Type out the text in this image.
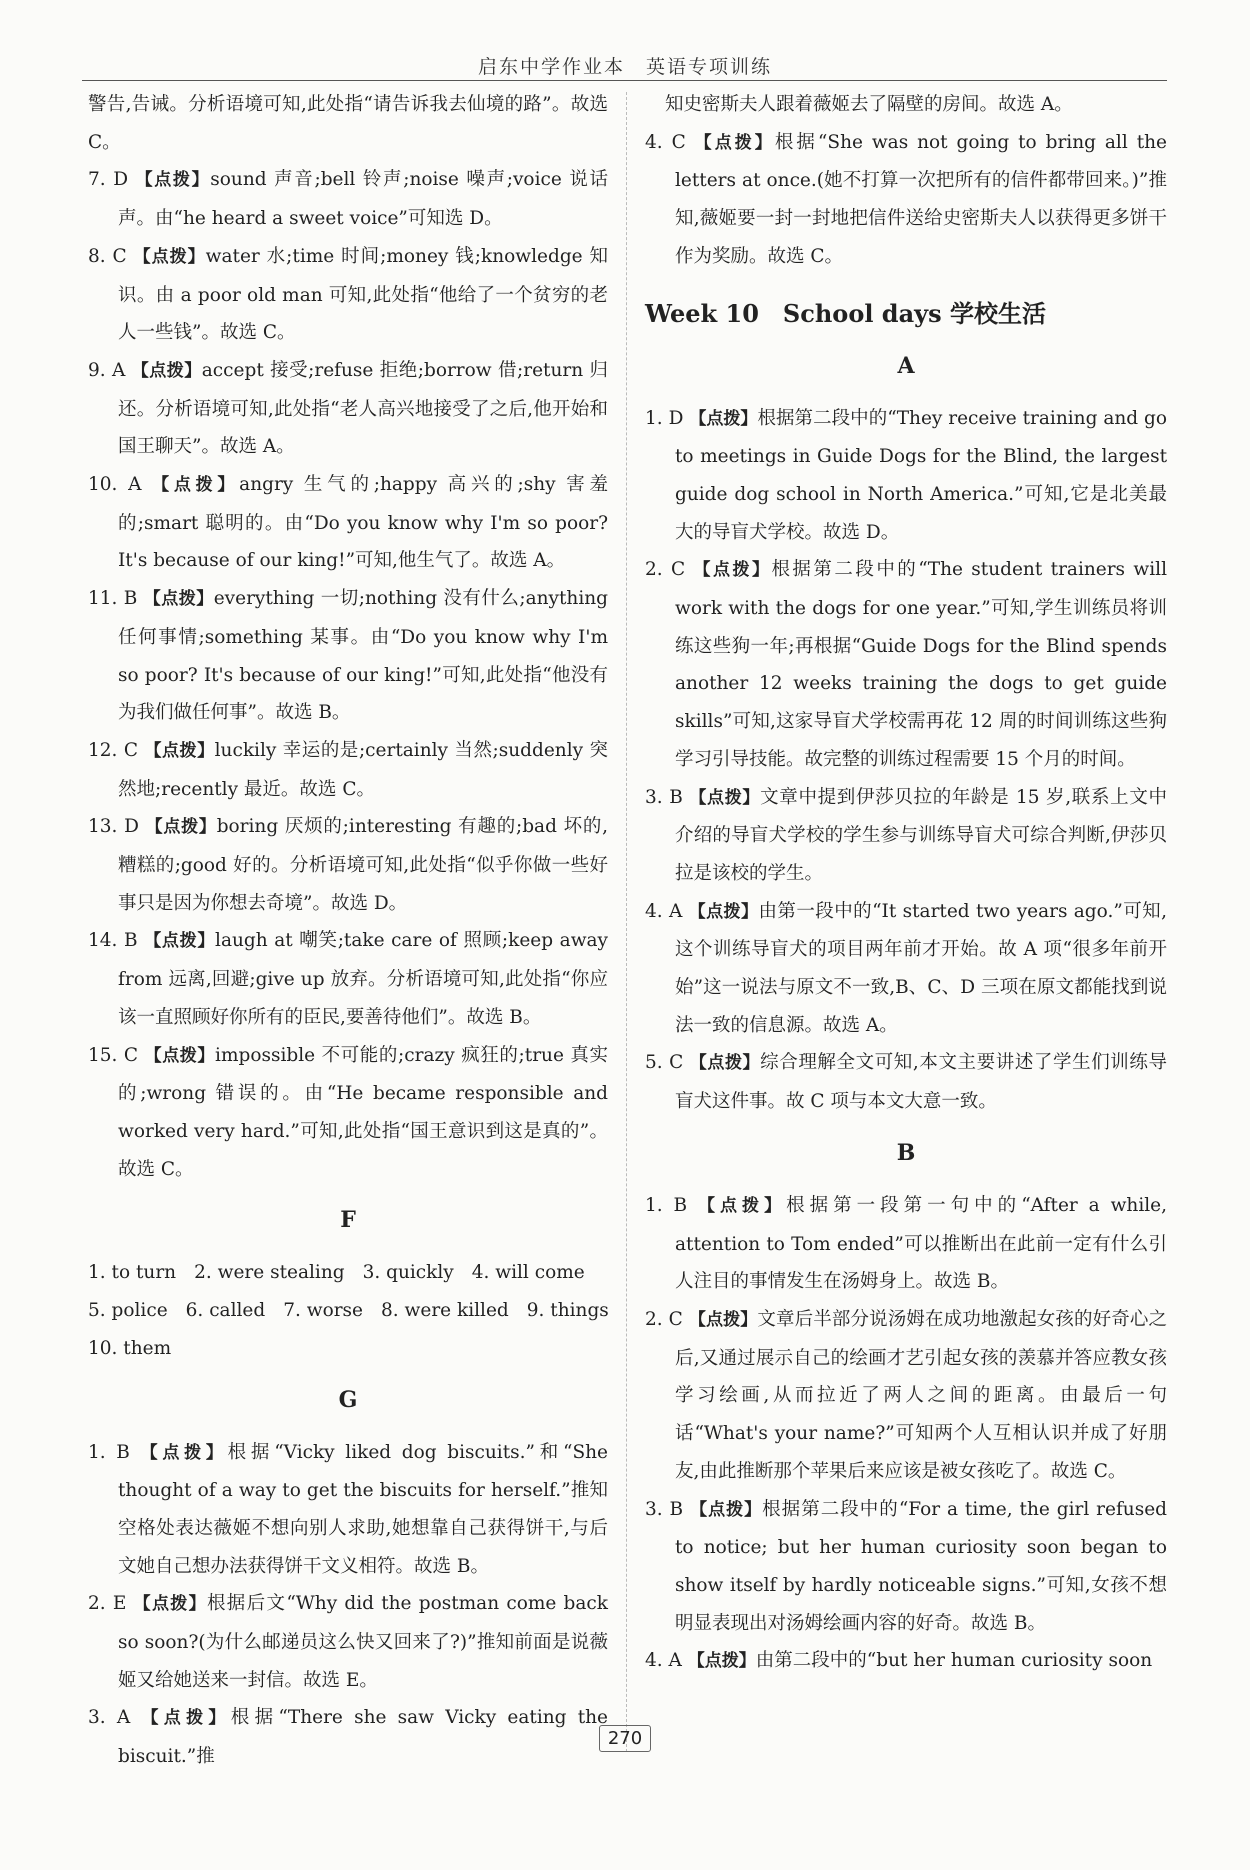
启东中学作业本　英语专项训练

警告,告诫。分析语境可知,此处指“请告诉我去仙境的路”。故选 C。

7. D 【点拨】sound 声音;bell 铃声;noise 噪声;voice 说话声。由“he heard a sweet voice”可知选 D。

8. C 【点拨】water 水;time 时间;money 钱;knowledge 知识。由 a poor old man 可知,此处指“他给了一个贫穷的老人一些钱”。故选 C。

9. A 【点拨】accept 接受;refuse 拒绝;borrow 借;return 归还。分析语境可知,此处指“老人高兴地接受了之后,他开始和国王聊天”。故选 A。

10. A 【点拨】angry 生气的;happy 高兴的;shy 害羞的;smart 聪明的。由“Do you know why I'm so poor? It's because of our king!”可知,他生气了。故选 A。

11. B 【点拨】everything 一切;nothing 没有什么;anything 任何事情;something 某事。由“Do you know why I'm so poor? It's because of our king!”可知,此处指“他没有为我们做任何事”。故选 B。

12. C 【点拨】luckily 幸运的是;certainly 当然;suddenly 突然地;recently 最近。故选 C。

13. D 【点拨】boring 厌烦的;interesting 有趣的;bad 坏的,糟糕的;good 好的。分析语境可知,此处指“似乎你做一些好事只是因为你想去奇境”。故选 D。

14. B 【点拨】laugh at 嘲笑;take care of 照顾;keep away from 远离,回避;give up 放弃。分析语境可知,此处指“你应该一直照顾好你所有的臣民,要善待他们”。故选 B。

15. C 【点拨】impossible 不可能的;crazy 疯狂的;true 真实的;wrong 错误的。由“He became responsible and worked very hard.”可知,此处指“国王意识到这是真的”。故选 C。

F
1. to turn 2. were stealing 3. quickly 4. will come
5. police 6. called 7. worse 8. were killed 9. things
10. them
G

1. B 【点拨】根据“Vicky liked dog biscuits.”和“She thought of a way to get the biscuits for herself.”推知空格处表达薇姬不想向别人求助,她想靠自己获得饼干,与后文她自己想办法获得饼干文义相符。故选 B。

2. E 【点拨】根据后文“Why did the postman come back so soon?(为什么邮递员这么快又回来了?)”推知前面是说薇姬又给她送来一封信。故选 E。

3. A 【点拨】根据“There she saw Vicky eating the biscuit.”推

知史密斯夫人跟着薇姬去了隔壁的房间。故选 A。

4. C 【点拨】根据“She was not going to bring all the letters at once.(她不打算一次把所有的信件都带回来。)”推知,薇姬要一封一封地把信件送给史密斯夫人以获得更多饼干作为奖励。故选 C。

Week 10　School days 学校生活
A

1. D 【点拨】根据第二段中的“They receive training and go to meetings in Guide Dogs for the Blind, the largest guide dog school in North America.”可知,它是北美最大的导盲犬学校。故选 D。

2. C 【点拨】根据第二段中的“The student trainers will work with the dogs for one year.”可知,学生训练员将训练这些狗一年;再根据“Guide Dogs for the Blind spends another 12 weeks training the dogs to get guide skills”可知,这家导盲犬学校需再花 12 周的时间训练这些狗学习引导技能。故完整的训练过程需要 15 个月的时间。

3. B 【点拨】文章中提到伊莎贝拉的年龄是 15 岁,联系上文中介绍的导盲犬学校的学生参与训练导盲犬可综合判断,伊莎贝拉是该校的学生。

4. A 【点拨】由第一段中的“It started two years ago.”可知,这个训练导盲犬的项目两年前才开始。故 A 项“很多年前开始”这一说法与原文不一致,B、C、D 三项在原文都能找到说法一致的信息源。故选 A。

5. C 【点拨】综合理解全文可知,本文主要讲述了学生们训练导盲犬这件事。故 C 项与本文大意一致。

B

1. B 【点拨】根据第一段第一句中的“After a while, attention to Tom ended”可以推断出在此前一定有什么引人注目的事情发生在汤姆身上。故选 B。

2. C 【点拨】文章后半部分说汤姆在成功地激起女孩的好奇心之后,又通过展示自己的绘画才艺引起女孩的羡慕并答应教女孩学习绘画,从而拉近了两人之间的距离。由最后一句话“What's your name?”可知两个人互相认识并成了好朋友,由此推断那个苹果后来应该是被女孩吃了。故选 C。

3. B 【点拨】根据第二段中的“For a time, the girl refused to notice; but her human curiosity soon began to show itself by hardly noticeable signs.”可知,女孩不想明显表现出对汤姆绘画内容的好奇。故选 B。

4. A 【点拨】由第二段中的“but her human curiosity soon

270
